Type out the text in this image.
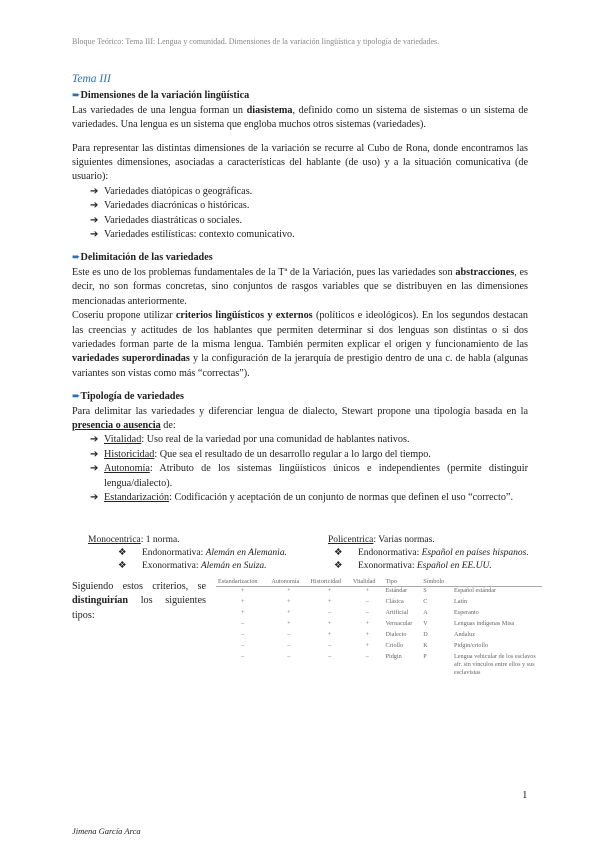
Bloque Teórico: Tema III: Lengua y comunidad. Dimensiones de la variación lingüística y tipología de variedades.
Tema III
➨Dimensiones de la variación lingüística

Las variedades de una lengua forman un diasistema, definido como un sistema de sistemas o un sistema de variedades. Una lengua es un sistema que engloba muchos otros sistemas (variedades).

Para representar las distintas dimensiones de la variación se recurre al Cubo de Rona, donde encontramos las siguientes dimensiones, asociadas a características del hablante (de uso) y a la situación comunicativa (de usuario):

➔ Variedades diatópicas o geográficas.
➔ Variedades diacrónicas o históricas.
➔ Variedades diastráticas o sociales.
➔ Variedades estilísticas: contexto comunicativo.
➨Delimitación de las variedades

Este es uno de los problemas fundamentales de la Tª de la Variación, pues las variedades son abstracciones, es decir, no son formas concretas, sino conjuntos de rasgos variables que se distribuyen en las dimensiones mencionadas anteriormente.

Coseriu propone utilizar criterios lingüísticos y externos (políticos e ideológicos). En los segundos destacan las creencias y actitudes de los hablantes que permiten determinar si dos lenguas son distintas o si dos variedades forman parte de la misma lengua. También permiten explicar el origen y funcionamiento de las variedades superordinadas y la configuración de la jerarquía de prestigio dentro de una c. de habla (algunas variantes son vistas como más “correctas”).

➨Tipología de variedades

Para delimitar las variedades y diferenciar lengua de dialecto, Stewart propone una tipología basada en la presencia o ausencia de:

➔ Vitalidad: Uso real de la variedad por una comunidad de hablantes nativos.
➔ Historicidad: Que sea el resultado de un desarrollo regular a lo largo del tiempo.
➔ Autonomía: Atributo de los sistemas lingüísticos únicos e independientes (permite distinguir lengua/dialecto).
➔ Estandarización: Codificación y aceptación de un conjunto de normas que definen el uso “correcto”.
Monocentrica: 1 norma.
❖ Endonormativa: Alemán en Alemania.
❖ Exonormativa: Alemán en Suiza.
Policentrica: Varias normas.
❖ Endonormativa: Español en países hispanos.
❖ Exonormativa: Español en EE.UU.
Siguiendo estos criterios, se distinguirían los siguientes tipos:
Estandarización	Autonomía	Historicidad	Vitalidad	Tipo	Símbolo	
+	+	+	+	Estándar	S	Español estándar
+	+	+	–	Clásica	C	Latín
+	+	–	–	Artificial	A	Esperanto
–	+	+	+	Vernacular	V	Lenguas indígenas Misa
–	–	+	+	Dialecto	D	Andaluz
–	–	–	+	Criollo	K	Pidgin/criollo
–	–	–	–	Pidgin	P	Lengua vehicular de los esclavos afr. sin vínculos entre ellos y sus esclavistas
1
Jimena García Arca
